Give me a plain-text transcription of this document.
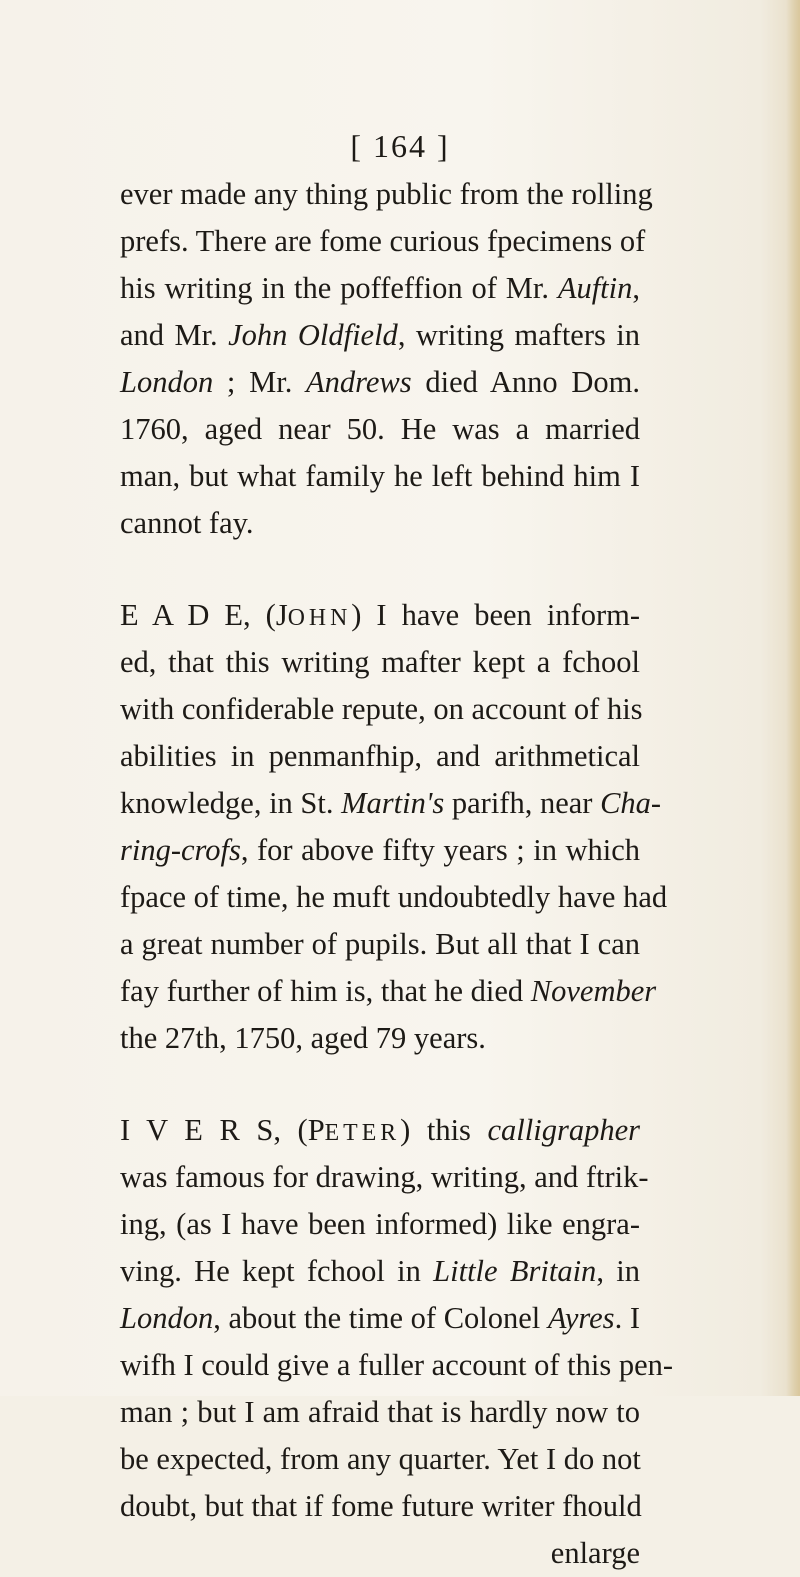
[ 164 ]
ever made any thing public from the rolling
prefs. There are fome curious fpecimens of
his writing in the poffeffion of Mr. Auftin,
and Mr. John Oldfield, writing mafters in
London ; Mr. Andrews died Anno Dom.
1760, aged near 50. He was a married
man, but what family he left behind him I
cannot fay.
E A D E, (JOHN) I have been inform-
ed, that this writing mafter kept a fchool
with confiderable repute, on account of his
abilities in penmanfhip, and arithmetical
knowledge, in St. Martin's parifh, near Cha-
ring-crofs, for above fifty years ; in which
fpace of time, he muft undoubtedly have had
a great number of pupils. But all that I can
fay further of him is, that he died November
the 27th, 1750, aged 79 years.
I V E R S, (PETER) this calligrapher
was famous for drawing, writing, and ftrik-
ing, (as I have been informed) like engra-
ving. He kept fchool in Little Britain, in
London, about the time of Colonel Ayres. I
wifh I could give a fuller account of this pen-
man ; but I am afraid that is hardly now to
be expected, from any quarter. Yet I do not
doubt, but that if fome future writer fhould
enlarge
